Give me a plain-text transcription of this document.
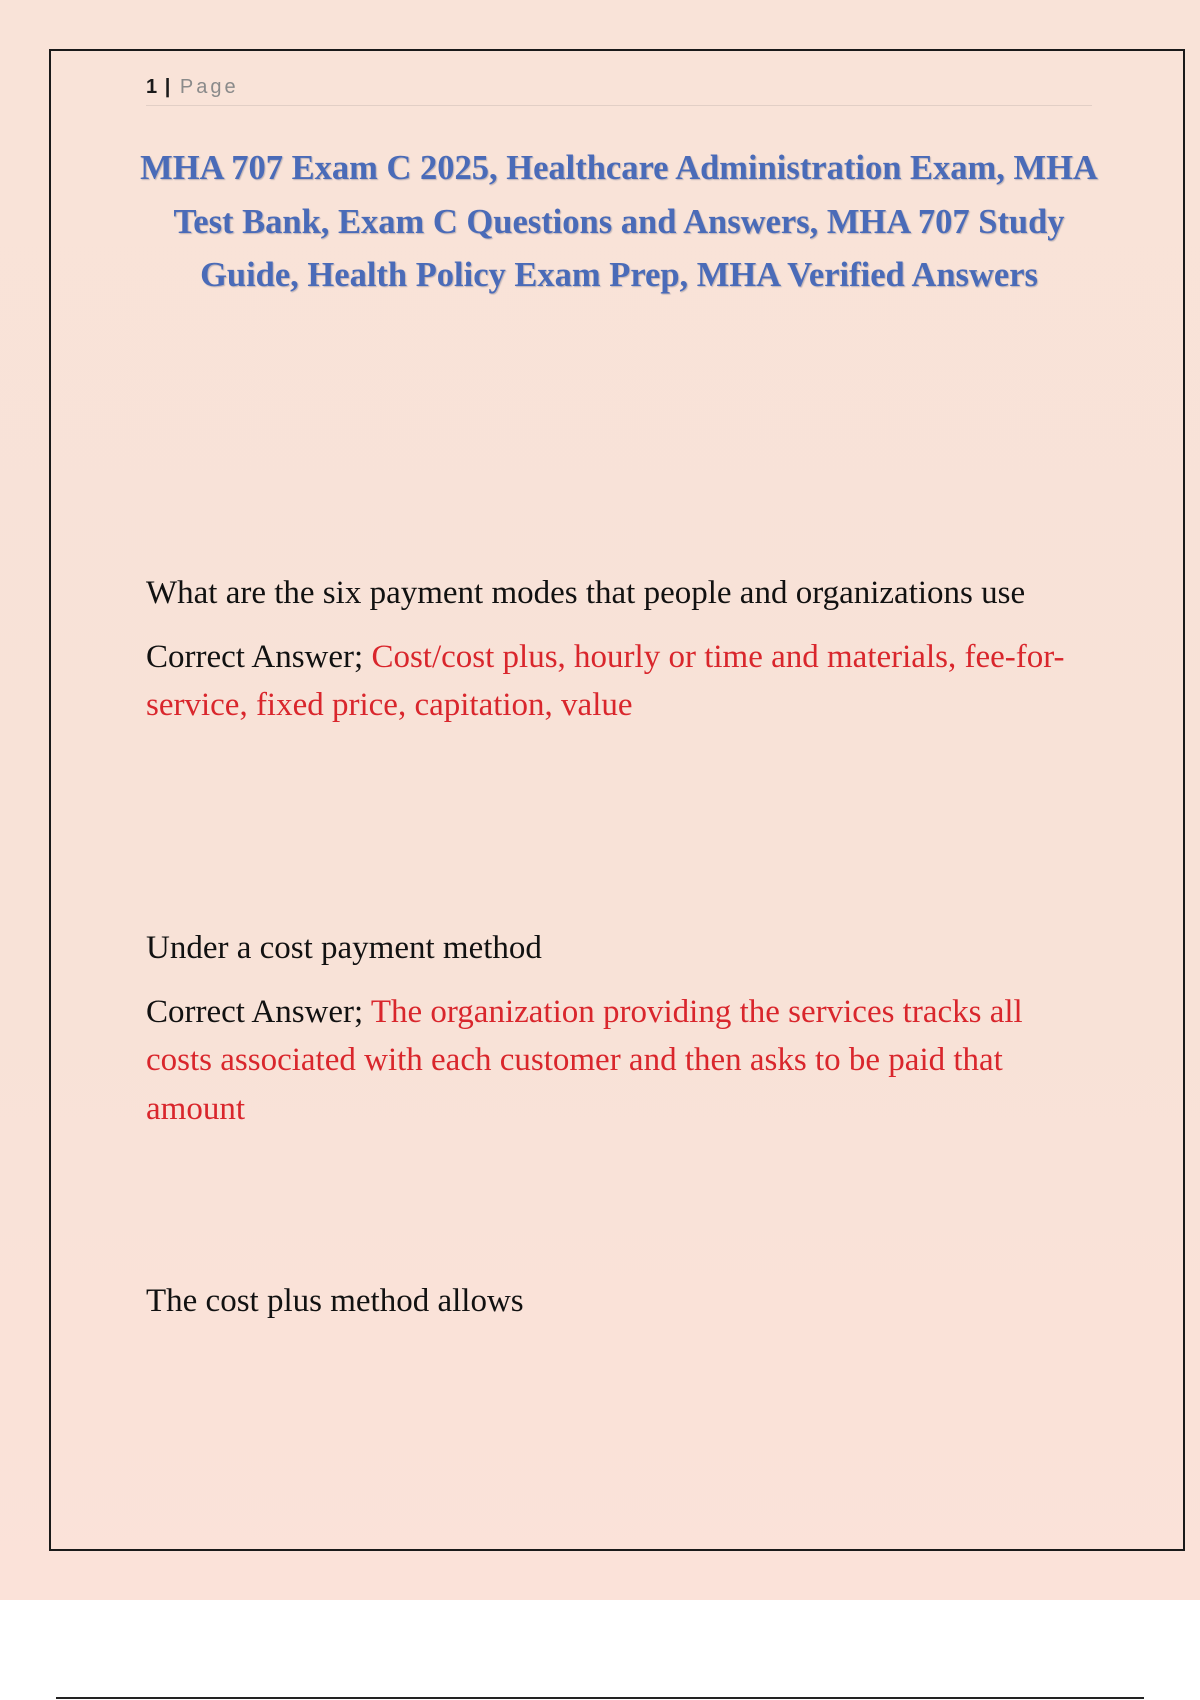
1 | Page
MHA 707 Exam C 2025, Healthcare Administration Exam, MHA Test Bank, Exam C Questions and Answers, MHA 707 Study Guide, Health Policy Exam Prep, MHA Verified Answers

What are the six payment modes that people and organizations use

Correct Answer; Cost/cost plus, hourly or time and materials, fee-for-service, fixed price, capitation, value

Under a cost payment method

Correct Answer; The organization providing the services tracks all costs associated with each customer and then asks to be paid that amount

The cost plus method allows
